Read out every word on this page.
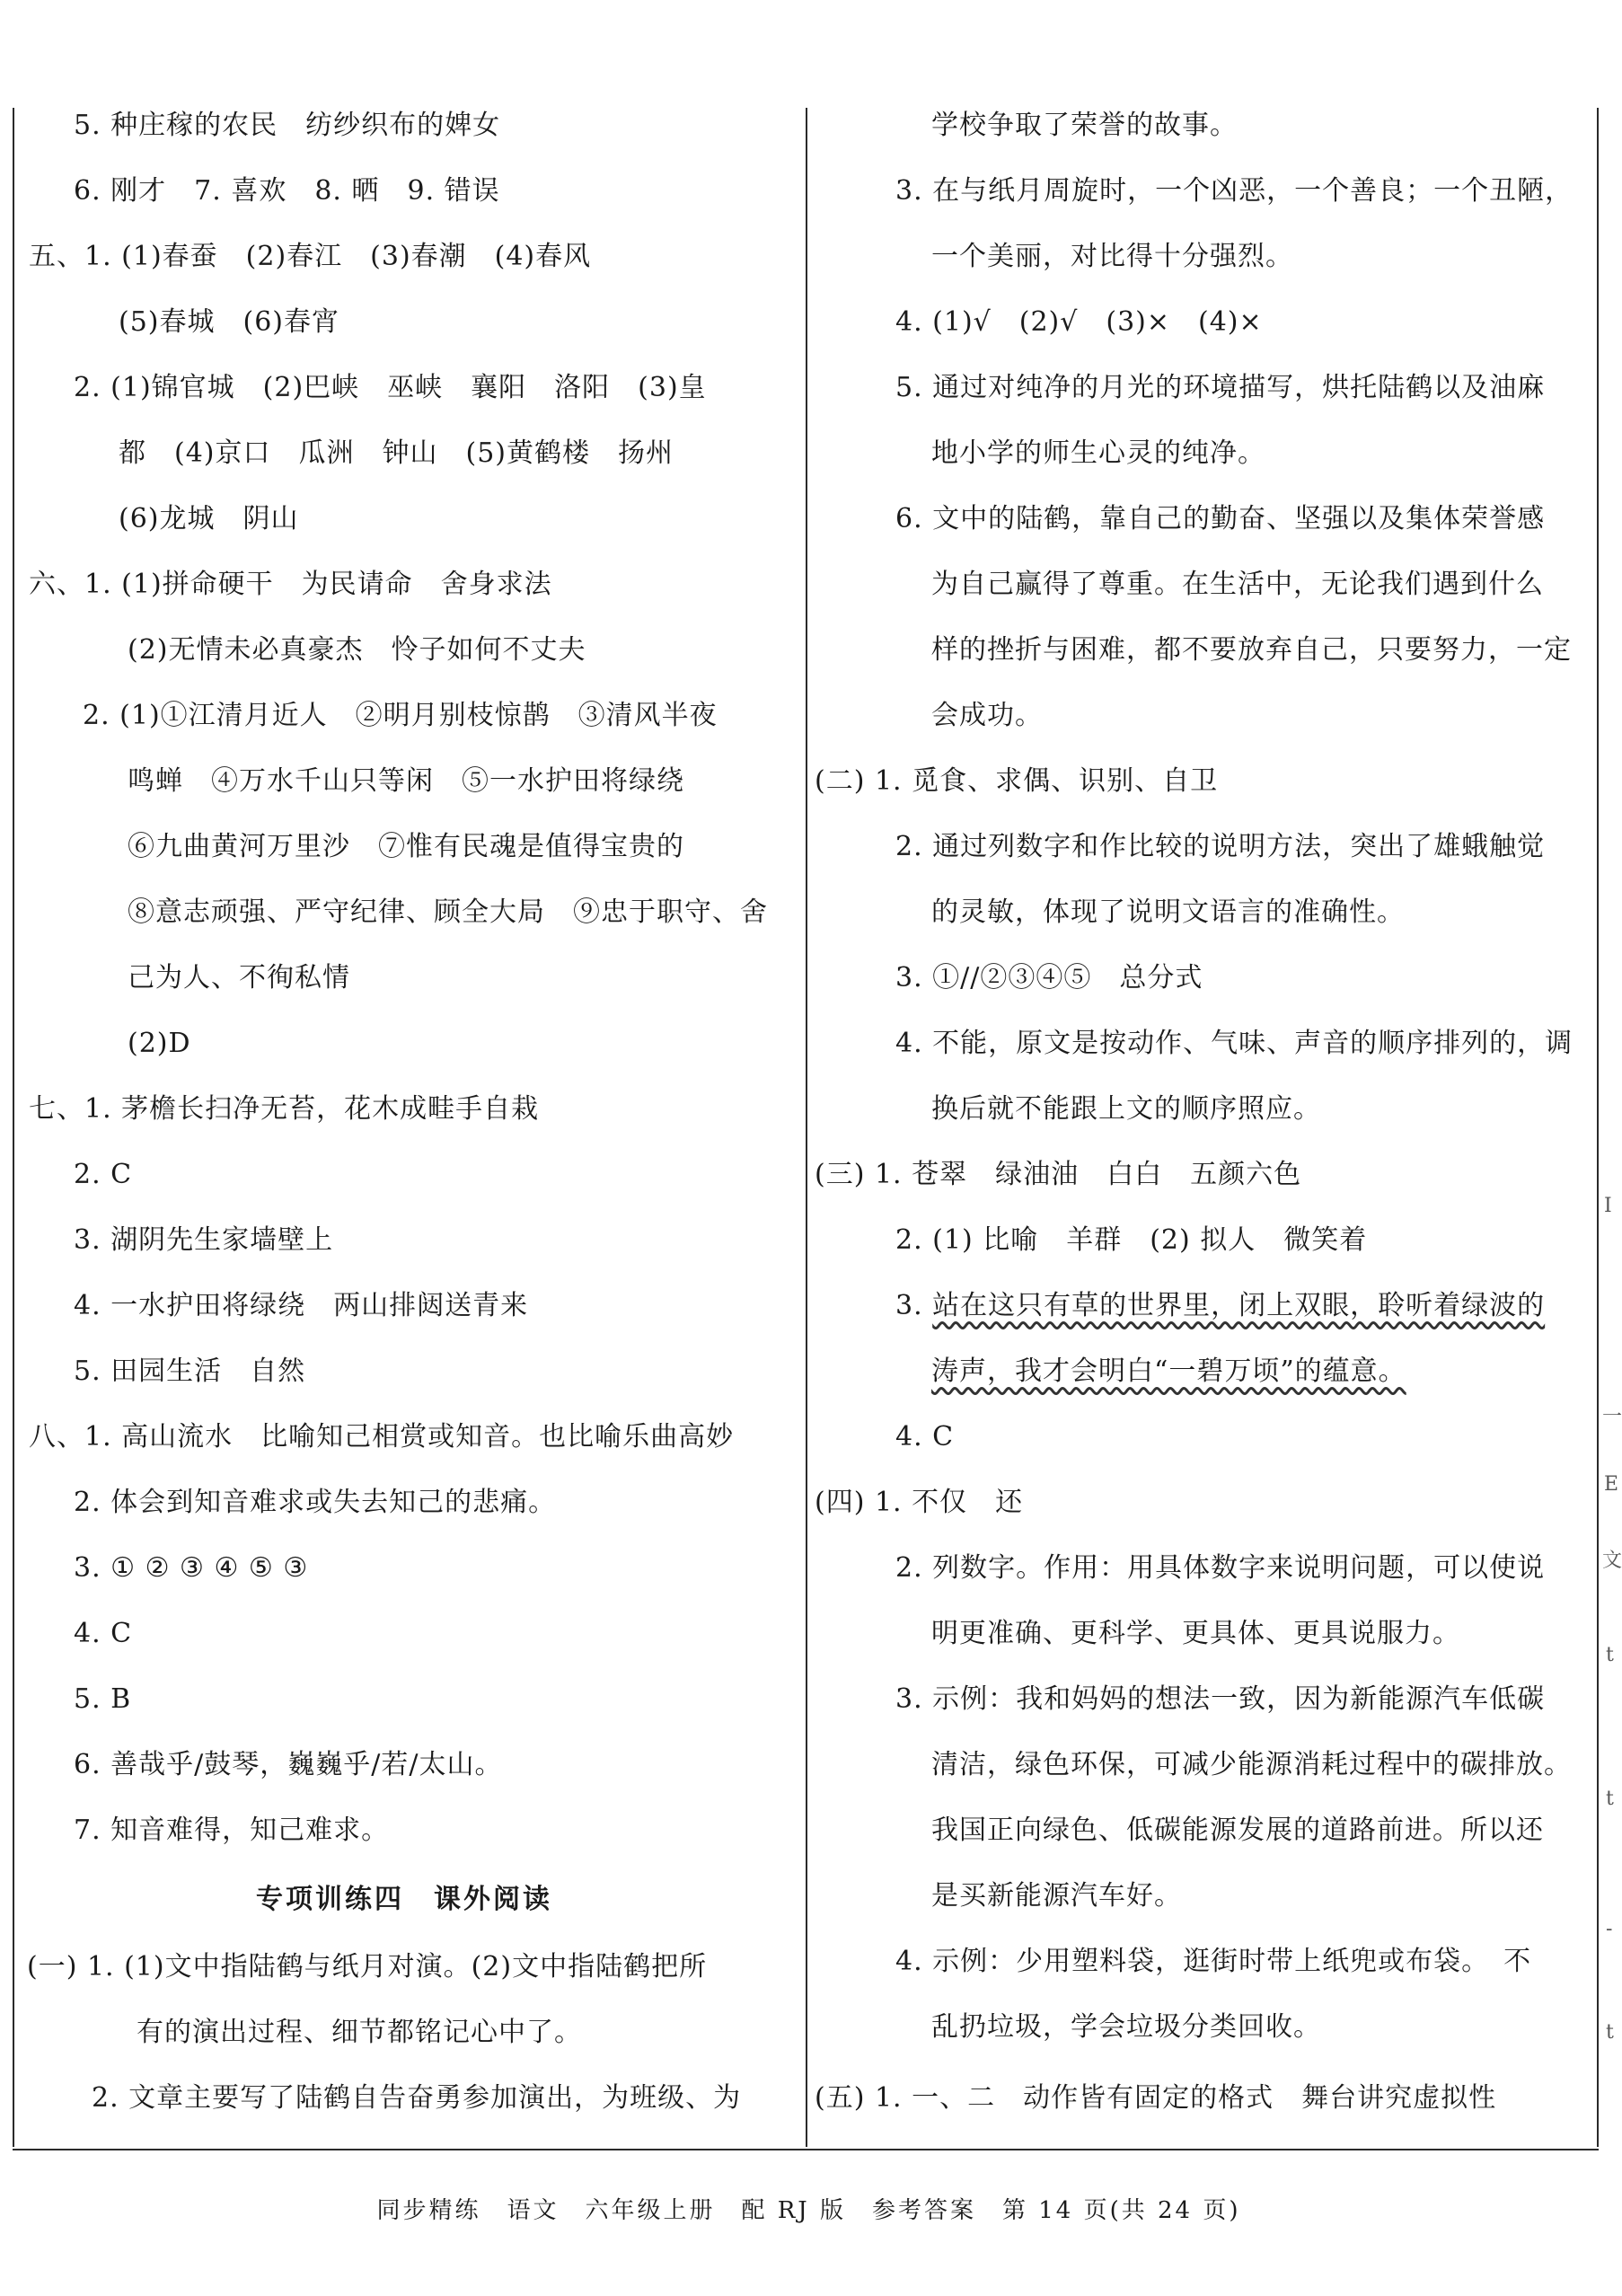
5. 种庄稼的农民　纺纱织布的婢女
6. 刚才　7. 喜欢　8. 晒　9. 错误
五、1. (1)春蚕　(2)春江　(3)春潮　(4)春风
(5)春城　(6)春宵
2. (1)锦官城　(2)巴峡　巫峡　襄阳　洛阳　(3)皇
都　(4)京口　瓜洲　钟山　(5)黄鹤楼　扬州
(6)龙城　阴山
六、1. (1)拼命硬干　为民请命　舍身求法
(2)无情未必真豪杰　怜子如何不丈夫
2. (1)①江清月近人　②明月别枝惊鹊　③清风半夜
鸣蝉　④万水千山只等闲　⑤一水护田将绿绕
⑥九曲黄河万里沙　⑦惟有民魂是值得宝贵的
⑧意志顽强、严守纪律、顾全大局　⑨忠于职守、舍
己为人、不徇私情
(2)D
七、1. 茅檐长扫净无苔，花木成畦手自栽
2. C
3. 湖阴先生家墙壁上
4. 一水护田将绿绕　两山排闼送青来
5. 田园生活　自然
八、1. 高山流水　比喻知己相赏或知音。也比喻乐曲高妙
2. 体会到知音难求或失去知己的悲痛。
3. ① ② ③ ④ ⑤ ③
4. C
5. B
6. 善哉乎/鼓琴，巍巍乎/若/太山。
7. 知音难得，知己难求。
专项训练四　课外阅读
(一) 1. (1)文中指陆鹤与纸月对演。(2)文中指陆鹤把所
有的演出过程、细节都铭记心中了。
2. 文章主要写了陆鹤自告奋勇参加演出，为班级、为
学校争取了荣誉的故事。
3. 在与纸月周旋时，一个凶恶，一个善良；一个丑陋，
一个美丽，对比得十分强烈。
4. (1)√　(2)√　(3)×　(4)×
5. 通过对纯净的月光的环境描写，烘托陆鹤以及油麻
地小学的师生心灵的纯净。
6. 文中的陆鹤，靠自己的勤奋、坚强以及集体荣誉感
为自己赢得了尊重。在生活中，无论我们遇到什么
样的挫折与困难，都不要放弃自己，只要努力，一定
会成功。
(二) 1. 觅食、求偶、识别、自卫
2. 通过列数字和作比较的说明方法，突出了雄蛾触觉
的灵敏，体现了说明文语言的准确性。
3. ①//②③④⑤　总分式
4. 不能，原文是按动作、气味、声音的顺序排列的，调
换后就不能跟上文的顺序照应。
(三) 1. 苍翠　绿油油　白白　五颜六色
2. (1) 比喻　羊群　(2) 拟人　微笑着
3. 站在这只有草的世界里，闭上双眼，聆听着绿波的
涛声，我才会明白“一碧万顷”的蕴意。
4. C
(四) 1. 不仅　还
2. 列数字。作用：用具体数字来说明问题，可以使说
明更准确、更科学、更具体、更具说服力。
3. 示例：我和妈妈的想法一致，因为新能源汽车低碳
清洁，绿色环保，可减少能源消耗过程中的碳排放。
我国正向绿色、低碳能源发展的道路前进。所以还
是买新能源汽车好。
4. 示例：少用塑料袋，逛街时带上纸兜或布袋。　不
乱扔垃圾，学会垃圾分类回收。
(五) 1. 一、二　动作皆有固定的格式　舞台讲究虚拟性
I
一
E
文
t
t
-
t
同步精练　语文　六年级上册　配 RJ 版　参考答案　第 14 页(共 24 页)
